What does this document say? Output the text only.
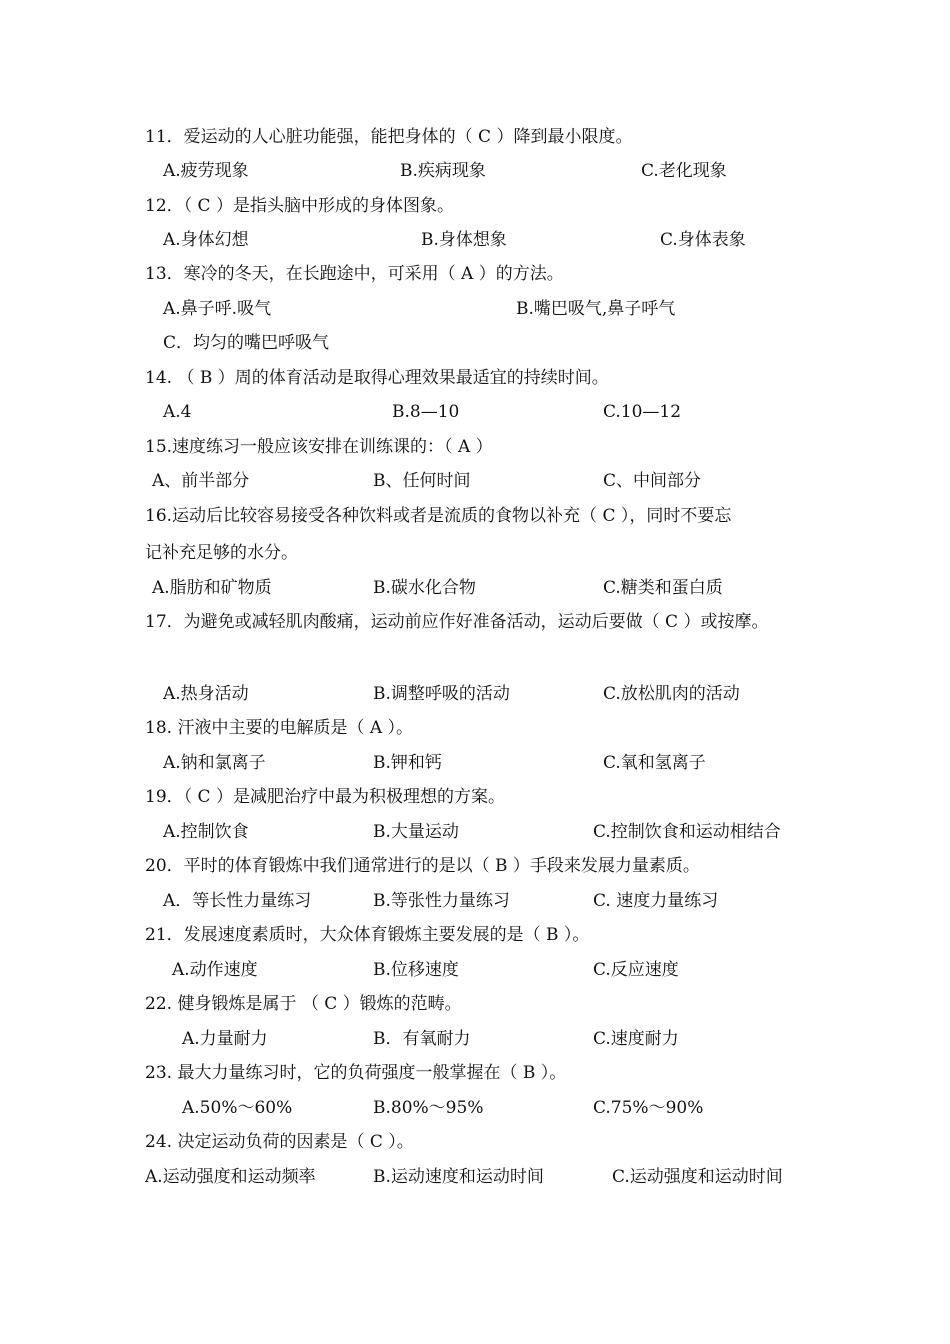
11．爱运动的人心脏功能强，能把身体的（ C ）降到最小限度。
A.疲劳现象	B.疾病现象	C.老化现象
12．（ C ）是指头脑中形成的身体图象。
A.身体幻想	B.身体想象	C.身体表象
13．寒冷的冬天，在长跑途中，可采用（ A ）的方法。
A.鼻子呼.吸气	B.嘴巴吸气,鼻子呼气
C．均匀的嘴巴呼吸气
14. （ B ）周的体育活动是取得心理效果最适宜的持续时间。
A.4	B.8—10	C.10—12
15.速度练习一般应该安排在训练课的：（ A ）
A、前半部分	B、任何时间	C、中间部分
16.运动后比较容易接受各种饮料或者是流质的食物以补充（ C ），同时不要忘
记补充足够的水分。
A.脂肪和矿物质	B.碳水化合物	C.糖类和蛋白质
17．为避免或减轻肌肉酸痛，运动前应作好准备活动，运动后要做（ C ）或按摩。
A.热身活动	B.调整呼吸的活动	C.放松肌肉的活动
18. 汗液中主要的电解质是（ A ）。
A.钠和氯离子	B.钾和钙	C.氧和氢离子
19．（ C ）是减肥治疗中最为积极理想的方案。
A.控制饮食	B.大量运动	C.控制饮食和运动相结合
20．平时的体育锻炼中我们通常进行的是以（ B ）手段来发展力量素质。
A．等长性力量练习	B.等张性力量练习	C. 速度力量练习
21．发展速度素质时，大众体育锻炼主要发展的是（ B ）。
A.动作速度	B.位移速度	C.反应速度
22. 健身锻炼是属于 （ C ）锻炼的范畴。
A.力量耐力	B．有氧耐力	C.速度耐力
23. 最大力量练习时，它的负荷强度一般掌握在（ B ）。
A.50%～60%	B.80%～95%	C.75%～90%
24. 决定运动负荷的因素是（ C ）。
A.运动强度和运动频率	B.运动速度和运动时间	C.运动强度和运动时间
